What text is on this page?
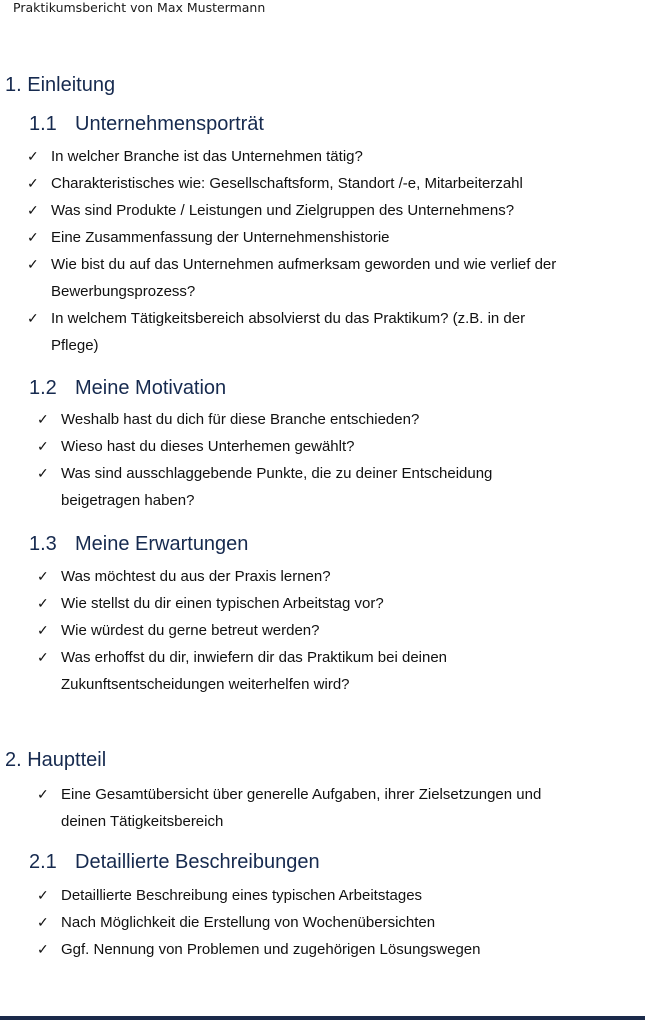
Praktikumsbericht von Max Mustermann
1. Einleitung
1.1 Unternehmensporträt
✓ In welcher Branche ist das Unternehmen tätig?
✓ Charakteristisches wie: Gesellschaftsform, Standort /-e, Mitarbeiterzahl
✓ Was sind Produkte / Leistungen und Zielgruppen des Unternehmens?
✓ Eine Zusammenfassung der Unternehmenshistorie
✓ Wie bist du auf das Unternehmen aufmerksam geworden und wie verlief der Bewerbungsprozess?
✓ In welchem Tätigkeitsbereich absolvierst du das Praktikum? (z.B. in der Pflege)
1.2 Meine Motivation
✓ Weshalb hast du dich für diese Branche entschieden?
✓ Wieso hast du dieses Unterhemen gewählt?
✓ Was sind ausschlaggebende Punkte, die zu deiner Entscheidung beigetragen haben?
1.3 Meine Erwartungen
✓ Was möchtest du aus der Praxis lernen?
✓ Wie stellst du dir einen typischen Arbeitstag vor?
✓ Wie würdest du gerne betreut werden?
✓ Was erhoffst du dir, inwiefern dir das Praktikum bei deinen Zukunftsentscheidungen weiterhelfen wird?
2. Hauptteil
✓ Eine Gesamtübersicht über generelle Aufgaben, ihrer Zielsetzungen und deinen Tätigkeitsbereich
2.1 Detaillierte Beschreibungen
✓ Detaillierte Beschreibung eines typischen Arbeitstages
✓ Nach Möglichkeit die Erstellung von Wochenübersichten
✓ Ggf. Nennung von Problemen und zugehörigen Lösungswegen
